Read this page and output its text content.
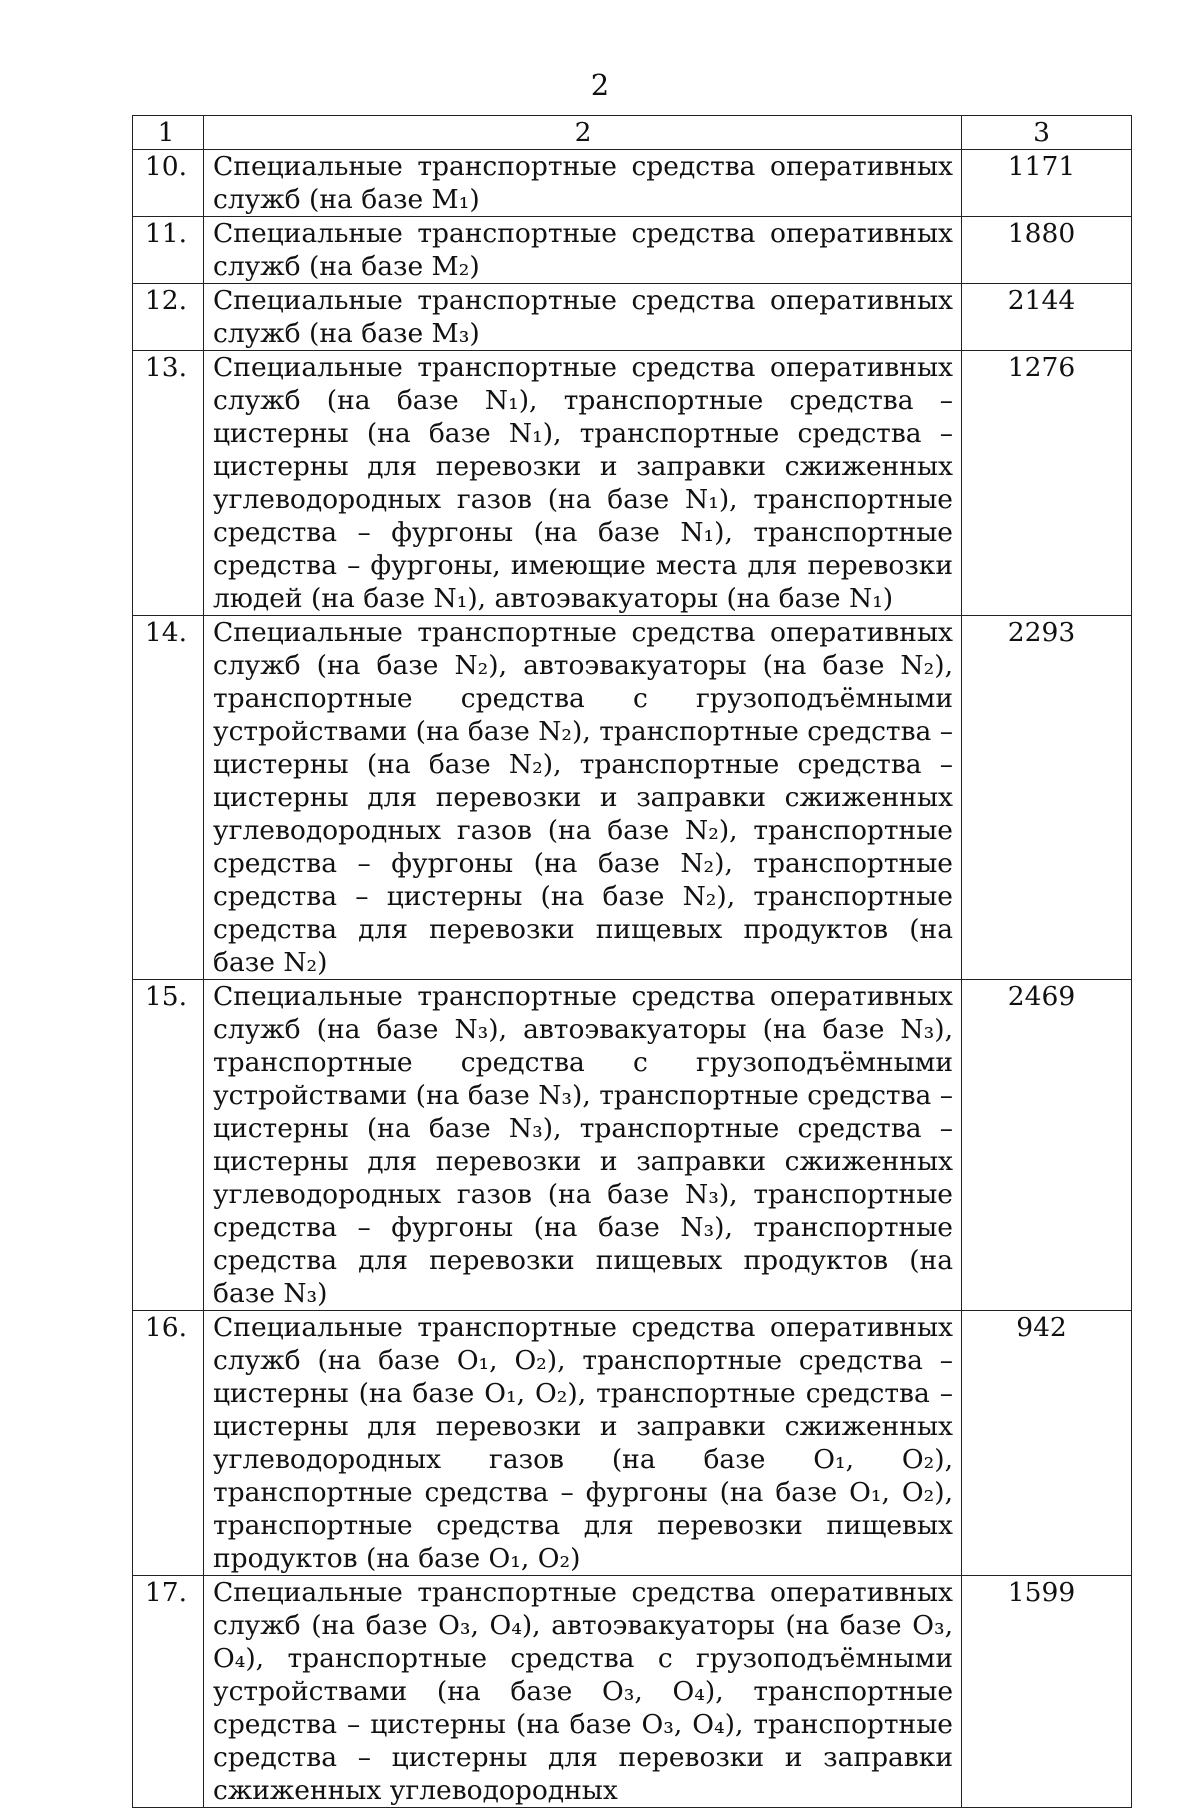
2
1	2	3
10.	Специальные транспортные средства оперативных служб (на базе M₁)	1171
11.	Специальные транспортные средства оперативных служб (на базе M₂)	1880
12.	Специальные транспортные средства оперативных служб (на базе M₃)	2144
13.	Специальные транспортные средства оперативных служб (на базе N₁), транспортные средства – цистерны (на базе N₁), транспортные средства – цистерны для перевозки и заправки сжиженных углеводородных газов (на базе N₁), транспортные средства – фургоны (на базе N₁), транспортные средства – фургоны, имеющие места для перевозки людей (на базе N₁), автоэвакуаторы (на базе N₁)	1276
14.	Специальные транспортные средства оперативных служб (на базе N₂), автоэвакуаторы (на базе N₂), транспортные средства с грузоподъёмными устройствами (на базе N₂), транспортные средства – цистерны (на базе N₂), транспортные средства – цистерны для перевозки и заправки сжиженных углеводородных газов (на базе N₂), транспортные средства – фургоны (на базе N₂), транспортные средства – цистерны (на базе N₂), транспортные средства для перевозки пищевых продуктов (на базе N₂)	2293
15.	Специальные транспортные средства оперативных служб (на базе N₃), автоэвакуаторы (на базе N₃), транспортные средства с грузоподъёмными устройствами (на базе N₃), транспортные средства – цистерны (на базе N₃), транспортные средства – цистерны для перевозки и заправки сжиженных углеводородных газов (на базе N₃), транспортные средства – фургоны (на базе N₃), транспортные средства для перевозки пищевых продуктов (на базе N₃)	2469
16.	Специальные транспортные средства оперативных служб (на базе O₁, O₂), транспортные средства – цистерны (на базе O₁, O₂), транспортные средства – цистерны для перевозки и заправки сжиженных углеводородных газов (на базе O₁, O₂), транспортные средства – фургоны (на базе O₁, O₂), транспортные средства для перевозки пищевых продуктов (на базе O₁, O₂)	942
17.	Специальные транспортные средства оперативных служб (на базе O₃, O₄), автоэвакуаторы (на базе O₃, O₄), транспортные средства с грузоподъёмными устройствами (на базе O₃, O₄), транспортные средства – цистерны (на базе O₃, O₄), транспортные средства – цистерны для перевозки и заправки сжиженных углеводородных	1599
